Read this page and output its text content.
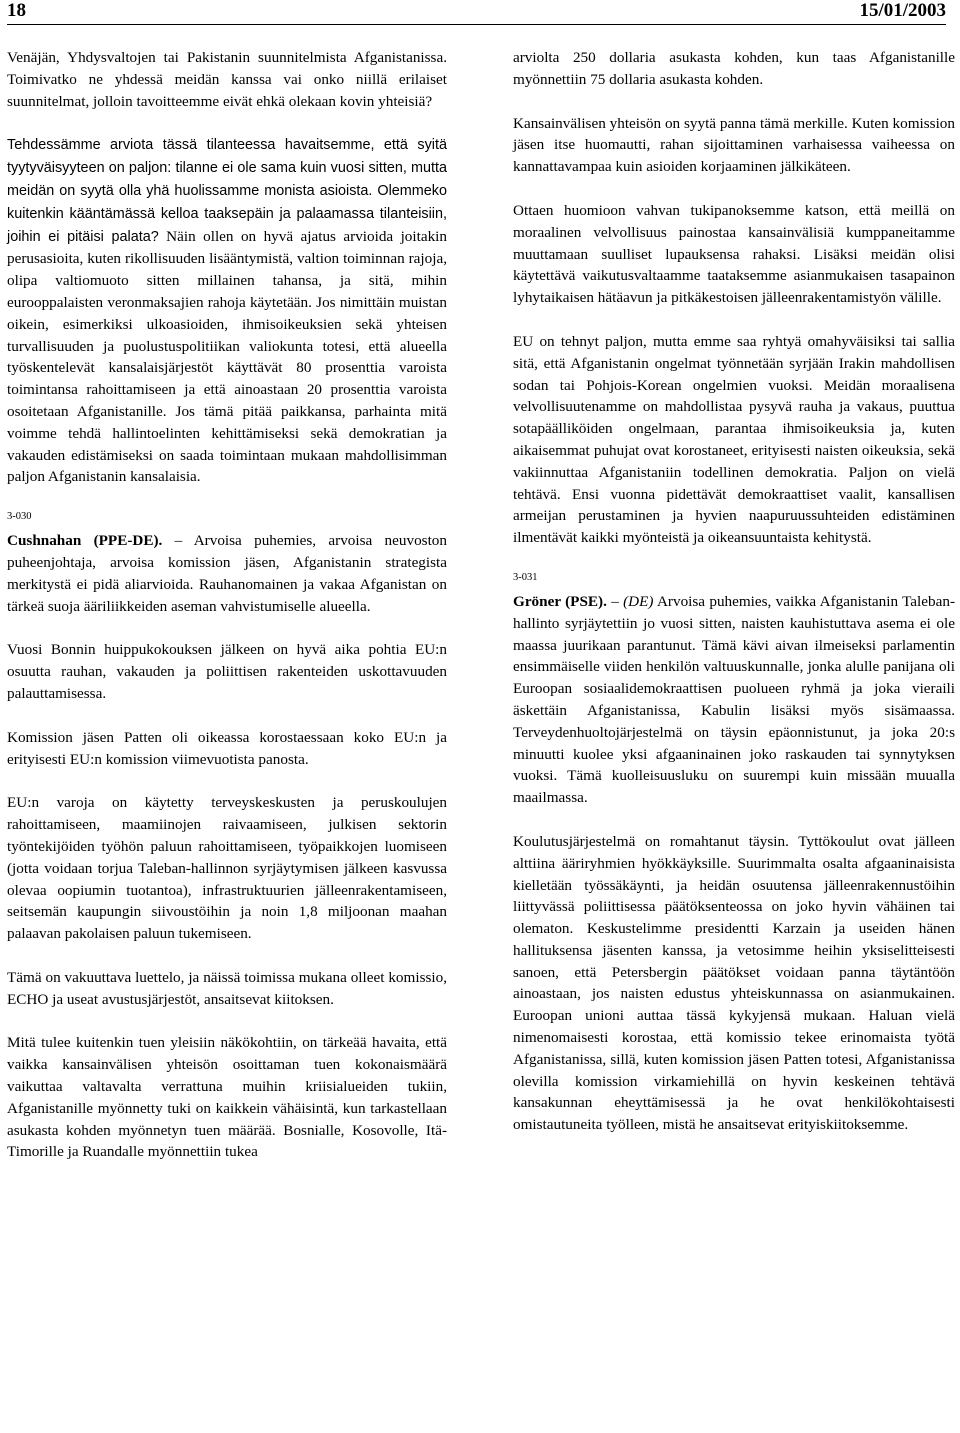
18	15/01/2003

Venäjän, Yhdysvaltojen tai Pakistanin suunnitelmista Afganistanissa. Toimivatko ne yhdessä meidän kanssa vai onko niillä erilaiset suunnitelmat, jolloin tavoitteemme eivät ehkä olekaan kovin yhteisiä?

Tehdessämme arviota tässä tilanteessa havaitsemme, että syitä tyytyväisyyteen on paljon: tilanne ei ole sama kuin vuosi sitten, mutta meidän on syytä olla yhä huolissamme monista asioista. Olemmeko kuitenkin kääntämässä kelloa taaksepäin ja palaamassa tilanteisiin, joihin ei pitäisi palata? Näin ollen on hyvä ajatus arvioida joitakin perusasioita, kuten rikollisuuden lisääntymistä, valtion toiminnan rajoja, olipa valtiomuoto sitten millainen tahansa, ja sitä, mihin eurooppalaisten veronmaksajien rahoja käytetään. Jos nimittäin muistan oikein, esimerkiksi ulkoasioiden, ihmisoikeuksien sekä yhteisen turvallisuuden ja puolustuspolitiikan valiokunta totesi, että alueella työskentelevät kansalaisjärjestöt käyttävät 80 prosenttia varoista toimintansa rahoittamiseen ja että ainoastaan 20 prosenttia varoista osoitetaan Afganistanille. Jos tämä pitää paikkansa, parhainta mitä voimme tehdä hallintoelinten kehittämiseksi sekä demokratian ja vakauden edistämiseksi on saada toimintaan mukaan mahdollisimman paljon Afganistanin kansalaisia.

3-030

Cushnahan (PPE-DE). – Arvoisa puhemies, arvoisa neuvoston puheenjohtaja, arvoisa komission jäsen, Afganistanin strategista merkitystä ei pidä aliarvioida. Rauhanomainen ja vakaa Afganistan on tärkeä suoja ääriliikkeiden aseman vahvistumiselle alueella.

Vuosi Bonnin huippukokouksen jälkeen on hyvä aika pohtia EU:n osuutta rauhan, vakauden ja poliittisen rakenteiden uskottavuuden palauttamisessa.

Komission jäsen Patten oli oikeassa korostaessaan koko EU:n ja erityisesti EU:n komission viimevuotista panosta.

EU:n varoja on käytetty terveyskeskusten ja peruskoulujen rahoittamiseen, maamiinojen raivaamiseen, julkisen sektorin työntekijöiden työhön paluun rahoittamiseen, työpaikkojen luomiseen (jotta voidaan torjua Taleban-hallinnon syrjäytymisen jälkeen kasvussa olevaa oopiumin tuotantoa), infrastruktuurien jälleenrakentamiseen, seitsemän kaupungin siivoustöihin ja noin 1,8 miljoonan maahan palaavan pakolaisen paluun tukemiseen.

Tämä on vakuuttava luettelo, ja näissä toimissa mukana olleet komissio, ECHO ja useat avustusjärjestöt, ansaitsevat kiitoksen.

Mitä tulee kuitenkin tuen yleisiin näkökohtiin, on tärkeää havaita, että vaikka kansainvälisen yhteisön osoittaman tuen kokonaismäärä vaikuttaa valtavalta verrattuna muihin kriisialueiden tukiin, Afganistanille myönnetty tuki on kaikkein vähäisintä, kun tarkastellaan asukasta kohden myönnetyn tuen määrää. Bosnialle, Kosovolle, Itä-Timorille ja Ruandalle myönnettiin tukea

arviolta 250 dollaria asukasta kohden, kun taas Afganistanille myönnettiin 75 dollaria asukasta kohden.

Kansainvälisen yhteisön on syytä panna tämä merkille. Kuten komission jäsen itse huomautti, rahan sijoittaminen varhaisessa vaiheessa on kannattavampaa kuin asioiden korjaaminen jälkikäteen.

Ottaen huomioon vahvan tukipanoksemme katson, että meillä on moraalinen velvollisuus painostaa kansainvälisiä kumppaneitamme muuttamaan suulliset lupauksensa rahaksi. Lisäksi meidän olisi käytettävä vaikutusvaltaamme taataksemme asianmukaisen tasapainon lyhytaikaisen hätäavun ja pitkäkestoisen jälleenrakentamistyön välille.

EU on tehnyt paljon, mutta emme saa ryhtyä omahyväisiksi tai sallia sitä, että Afganistanin ongelmat työnnetään syrjään Irakin mahdollisen sodan tai Pohjois-Korean ongelmien vuoksi. Meidän moraalisena velvollisuutenamme on mahdollistaa pysyvä rauha ja vakaus, puuttua sotapäälliköiden ongelmaan, parantaa ihmisoikeuksia ja, kuten aikaisemmat puhujat ovat korostaneet, erityisesti naisten oikeuksia, sekä vakiinnuttaa Afganistaniin todellinen demokratia. Paljon on vielä tehtävä. Ensi vuonna pidettävät demokraattiset vaalit, kansallisen armeijan perustaminen ja hyvien naapuruussuhteiden edistäminen ilmentävät kaikki myönteistä ja oikeansuuntaista kehitystä.

3-031

Gröner (PSE). – (DE) Arvoisa puhemies, vaikka Afganistanin Taleban-hallinto syrjäytettiin jo vuosi sitten, naisten kauhistuttava asema ei ole maassa juurikaan parantunut. Tämä kävi aivan ilmeiseksi parlamentin ensimmäiselle viiden henkilön valtuuskunnalle, jonka alulle panijana oli Euroopan sosiaalidemokraattisen puolueen ryhmä ja joka vieraili äskettäin Afganistanissa, Kabulin lisäksi myös sisämaassa. Terveydenhuoltojärjestelmä on täysin epäonnistunut, ja joka 20:s minuutti kuolee yksi afgaaninainen joko raskauden tai synnytyksen vuoksi. Tämä kuolleisuusluku on suurempi kuin missään muualla maailmassa.

Koulutusjärjestelmä on romahtanut täysin. Tyttökoulut ovat jälleen alttiina ääriryhmien hyökkäyksille. Suurimmalta osalta afgaaninaisista kielletään työssäkäynti, ja heidän osuutensa jälleenrakennustöihin liittyvässä poliittisessa päätöksenteossa on joko hyvin vähäinen tai olematon. Keskustelimme presidentti Karzain ja useiden hänen hallituksensa jäsenten kanssa, ja vetosimme heihin yksiselitteisesti sanoen, että Petersbergin päätökset voidaan panna täytäntöön ainoastaan, jos naisten edustus yhteiskunnassa on asianmukainen. Euroopan unioni auttaa tässä kykyjensä mukaan. Haluan vielä nimenomaisesti korostaa, että komissio tekee erinomaista työtä Afganistanissa, sillä, kuten komission jäsen Patten totesi, Afganistanissa olevilla komission virkamiehillä on hyvin keskeinen tehtävä kansakunnan eheyttämisessä ja he ovat henkilökohtaisesti omistautuneita työlleen, mistä he ansaitsevat erityiskiitoksemme.
